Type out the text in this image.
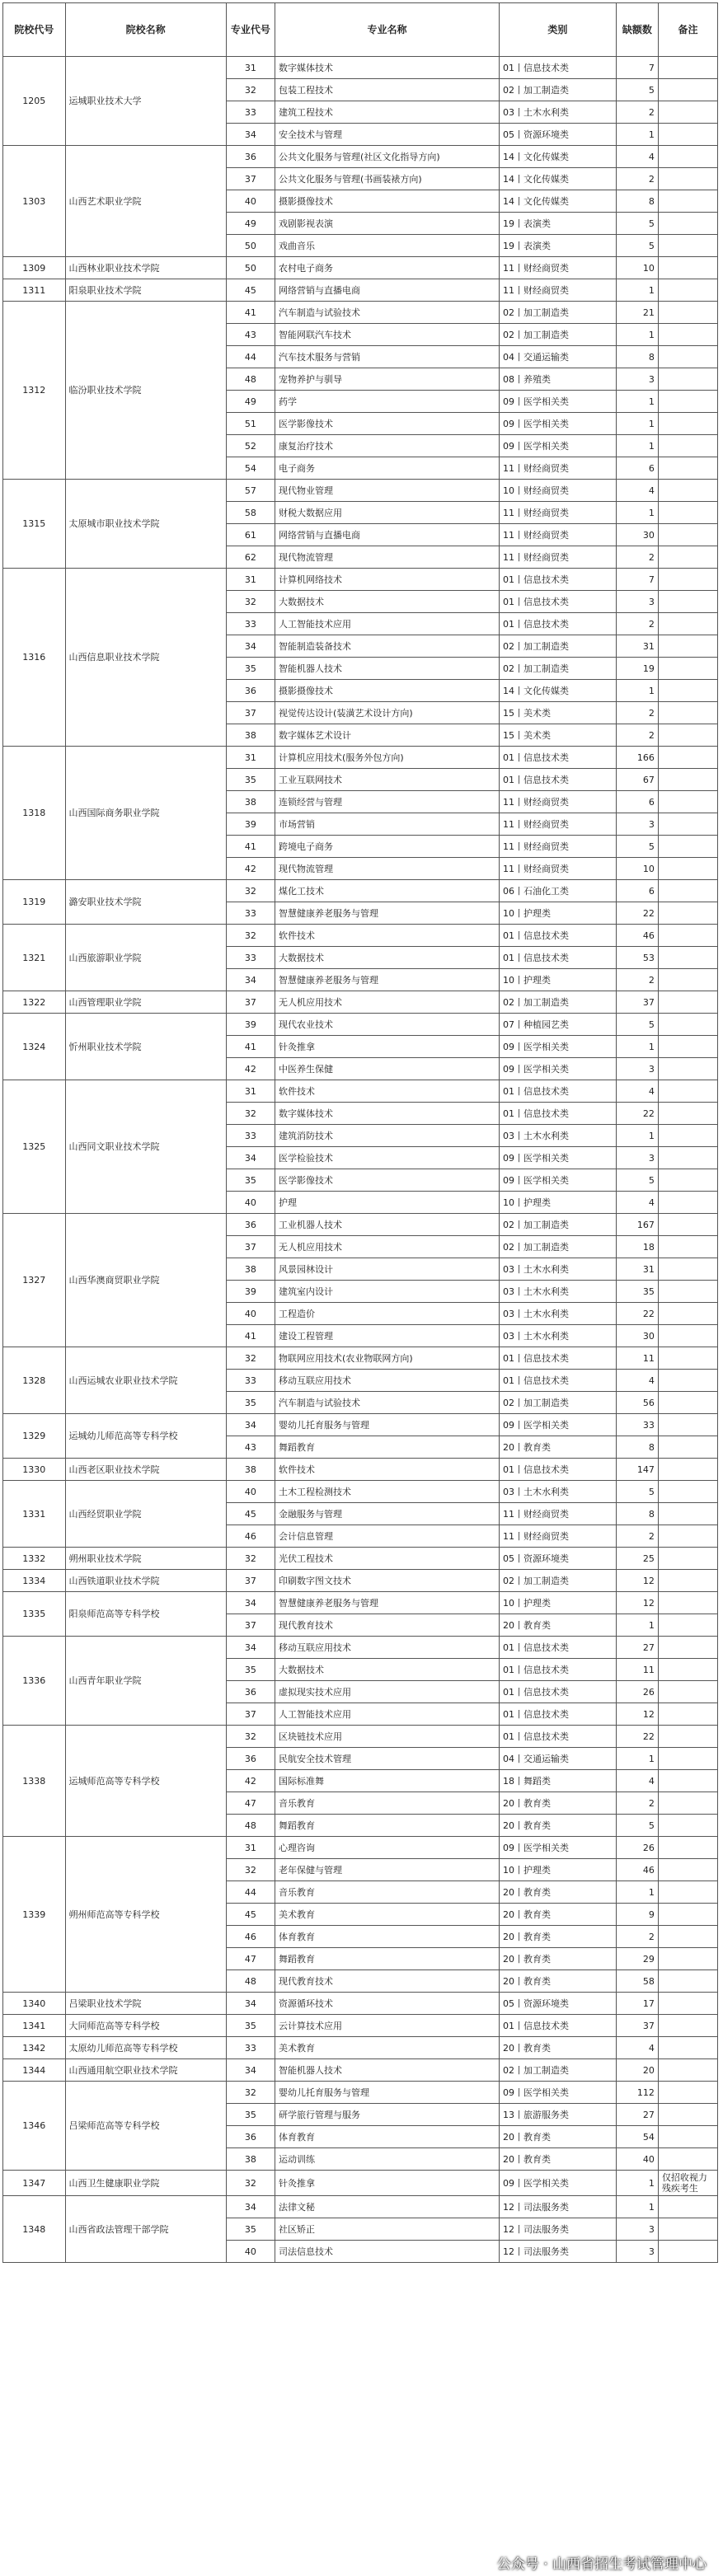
院校代号	院校名称	专业代号	专业名称	类别	缺额数	备注
1205	运城职业技术大学	31	数字媒体技术	01丨信息技术类	7	
		32	包装工程技术	02丨加工制造类	5	
		33	建筑工程技术	03丨土木水利类	2	
		34	安全技术与管理	05丨资源环境类	1	
1303	山西艺术职业学院	36	公共文化服务与管理(社区文化指导方向)	14丨文化传媒类	4	
		37	公共文化服务与管理(书画装裱方向)	14丨文化传媒类	2	
		40	摄影摄像技术	14丨文化传媒类	8	
		49	戏剧影视表演	19丨表演类	5	
		50	戏曲音乐	19丨表演类	5	
1309	山西林业职业技术学院	50	农村电子商务	11丨财经商贸类	10	
1311	阳泉职业技术学院	45	网络营销与直播电商	11丨财经商贸类	1	
1312	临汾职业技术学院	41	汽车制造与试验技术	02丨加工制造类	21	
		43	智能网联汽车技术	02丨加工制造类	1	
		44	汽车技术服务与营销	04丨交通运输类	8	
		48	宠物养护与驯导	08丨养殖类	3	
		49	药学	09丨医学相关类	1	
		51	医学影像技术	09丨医学相关类	1	
		52	康复治疗技术	09丨医学相关类	1	
		54	电子商务	11丨财经商贸类	6	
1315	太原城市职业技术学院	57	现代物业管理	10丨财经商贸类	4	
		58	财税大数据应用	11丨财经商贸类	1	
		61	网络营销与直播电商	11丨财经商贸类	30	
		62	现代物流管理	11丨财经商贸类	2	
1316	山西信息职业技术学院	31	计算机网络技术	01丨信息技术类	7	
		32	大数据技术	01丨信息技术类	3	
		33	人工智能技术应用	01丨信息技术类	2	
		34	智能制造装备技术	02丨加工制造类	31	
		35	智能机器人技术	02丨加工制造类	19	
		36	摄影摄像技术	14丨文化传媒类	1	
		37	视觉传达设计(装潢艺术设计方向)	15丨美术类	2	
		38	数字媒体艺术设计	15丨美术类	2	
1318	山西国际商务职业学院	31	计算机应用技术(服务外包方向)	01丨信息技术类	166	
		35	工业互联网技术	01丨信息技术类	67	
		38	连锁经营与管理	11丨财经商贸类	6	
		39	市场营销	11丨财经商贸类	3	
		41	跨境电子商务	11丨财经商贸类	5	
		42	现代物流管理	11丨财经商贸类	10	
1319	潞安职业技术学院	32	煤化工技术	06丨石油化工类	6	
		33	智慧健康养老服务与管理	10丨护理类	22	
1321	山西旅游职业学院	32	软件技术	01丨信息技术类	46	
		33	大数据技术	01丨信息技术类	53	
		34	智慧健康养老服务与管理	10丨护理类	2	
1322	山西管理职业学院	37	无人机应用技术	02丨加工制造类	37	
1324	忻州职业技术学院	39	现代农业技术	07丨种植园艺类	5	
		41	针灸推拿	09丨医学相关类	1	
		42	中医养生保健	09丨医学相关类	3	
1325	山西同文职业技术学院	31	软件技术	01丨信息技术类	4	
		32	数字媒体技术	01丨信息技术类	22	
		33	建筑消防技术	03丨土木水利类	1	
		34	医学检验技术	09丨医学相关类	3	
		35	医学影像技术	09丨医学相关类	5	
		40	护理	10丨护理类	4	
1327	山西华澳商贸职业学院	36	工业机器人技术	02丨加工制造类	167	
		37	无人机应用技术	02丨加工制造类	18	
		38	风景园林设计	03丨土木水利类	31	
		39	建筑室内设计	03丨土木水利类	35	
		40	工程造价	03丨土木水利类	22	
		41	建设工程管理	03丨土木水利类	30	
1328	山西运城农业职业技术学院	32	物联网应用技术(农业物联网方向)	01丨信息技术类	11	
		33	移动互联应用技术	01丨信息技术类	4	
		35	汽车制造与试验技术	02丨加工制造类	56	
1329	运城幼儿师范高等专科学校	34	婴幼儿托育服务与管理	09丨医学相关类	33	
		43	舞蹈教育	20丨教育类	8	
1330	山西老区职业技术学院	38	软件技术	01丨信息技术类	147	
1331	山西经贸职业学院	40	土木工程检测技术	03丨土木水利类	5	
		45	金融服务与管理	11丨财经商贸类	8	
		46	会计信息管理	11丨财经商贸类	2	
1332	朔州职业技术学院	32	光伏工程技术	05丨资源环境类	25	
1334	山西铁道职业技术学院	37	印刷数字图文技术	02丨加工制造类	12	
1335	阳泉师范高等专科学校	34	智慧健康养老服务与管理	10丨护理类	12	
		37	现代教育技术	20丨教育类	1	
1336	山西青年职业学院	34	移动互联应用技术	01丨信息技术类	27	
		35	大数据技术	01丨信息技术类	11	
		36	虚拟现实技术应用	01丨信息技术类	26	
		37	人工智能技术应用	01丨信息技术类	12	
1338	运城师范高等专科学校	32	区块链技术应用	01丨信息技术类	22	
		36	民航安全技术管理	04丨交通运输类	1	
		42	国际标准舞	18丨舞蹈类	4	
		47	音乐教育	20丨教育类	2	
		48	舞蹈教育	20丨教育类	5	
1339	朔州师范高等专科学校	31	心理咨询	09丨医学相关类	26	
		32	老年保健与管理	10丨护理类	46	
		44	音乐教育	20丨教育类	1	
		45	美术教育	20丨教育类	9	
		46	体育教育	20丨教育类	2	
		47	舞蹈教育	20丨教育类	29	
		48	现代教育技术	20丨教育类	58	
1340	吕梁职业技术学院	34	资源循环技术	05丨资源环境类	17	
1341	大同师范高等专科学校	35	云计算技术应用	01丨信息技术类	37	
1342	太原幼儿师范高等专科学校	33	美术教育	20丨教育类	4	
1344	山西通用航空职业技术学院	34	智能机器人技术	02丨加工制造类	20	
1346	吕梁师范高等专科学校	32	婴幼儿托育服务与管理	09丨医学相关类	112	
		35	研学旅行管理与服务	13丨旅游服务类	27	
		36	体育教育	20丨教育类	54	
		38	运动训练	20丨教育类	40	
1347	山西卫生健康职业学院	32	针灸推拿	09丨医学相关类	1	仅招收视力残疾考生
1348	山西省政法管理干部学院	34	法律文秘	12丨司法服务类	1	
		35	社区矫正	12丨司法服务类	3	
		40	司法信息技术	12丨司法服务类	3	
公众号 · 山西省招生考试管理中心
